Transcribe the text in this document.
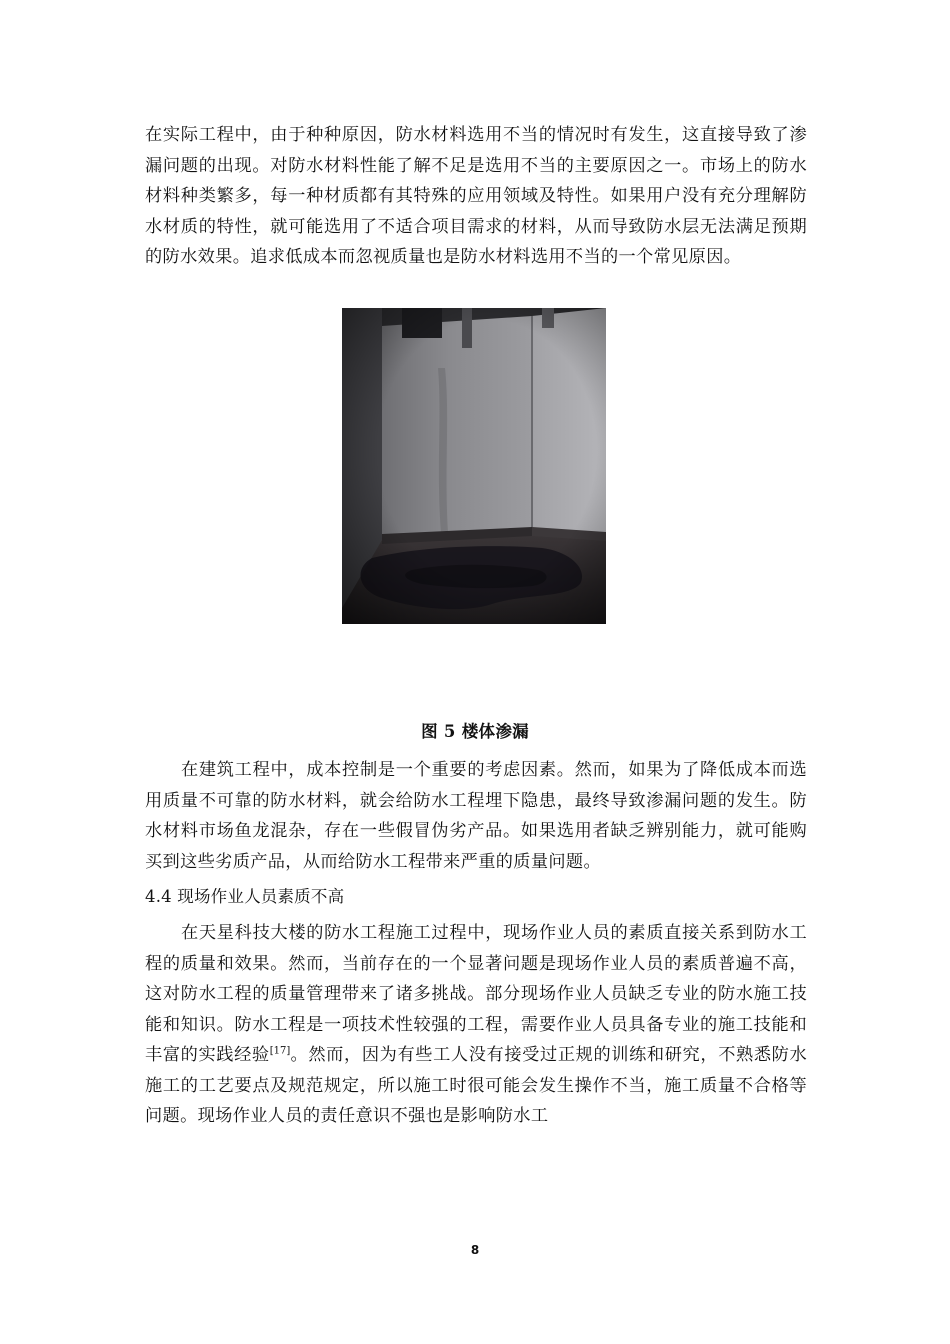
在实际工程中，由于种种原因，防水材料选用不当的情况时有发生，这直接导致了渗漏问题的出现。对防水材料性能了解不足是选用不当的主要原因之一。市场上的防水材料种类繁多，每一种材质都有其特殊的应用领域及特性。如果用户没有充分理解防水材质的特性，就可能选用了不适合项目需求的材料，从而导致防水层无法满足预期的防水效果。追求低成本而忽视质量也是防水材料选用不当的一个常见原因。
图 5 楼体渗漏
在建筑工程中，成本控制是一个重要的考虑因素。然而，如果为了降低成本而选用质量不可靠的防水材料，就会给防水工程埋下隐患，最终导致渗漏问题的发生。防水材料市场鱼龙混杂，存在一些假冒伪劣产品。如果选用者缺乏辨别能力，就可能购买到这些劣质产品，从而给防水工程带来严重的质量问题。
4.4 现场作业人员素质不高
在天星科技大楼的防水工程施工过程中，现场作业人员的素质直接关系到防水工程的质量和效果。然而，当前存在的一个显著问题是现场作业人员的素质普遍不高，这对防水工程的质量管理带来了诸多挑战。部分现场作业人员缺乏专业的防水施工技能和知识。防水工程是一项技术性较强的工程，需要作业人员具备专业的施工技能和丰富的实践经验[17]。然而，因为有些工人没有接受过正规的训练和研究，不熟悉防水施工的工艺要点及规范规定，所以施工时很可能会发生操作不当，施工质量不合格等问题。现场作业人员的责任意识不强也是影响防水工
8
